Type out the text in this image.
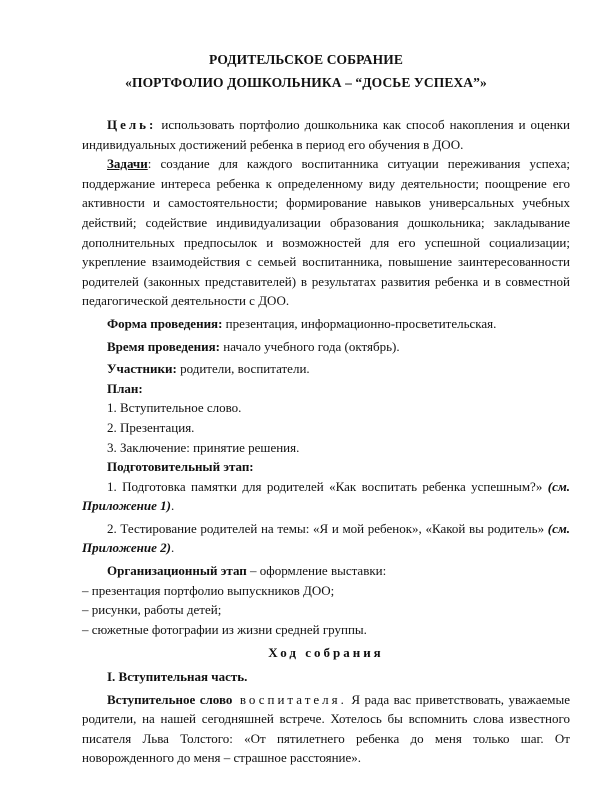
РОДИТЕЛЬСКОЕ СОБРАНИЕ
«ПОРТФОЛИО ДОШКОЛЬНИКА – “ДОСЬЕ УСПЕХА”»

Цель: использовать портфолио дошкольника как способ накопления и оценки индивидуальных достижений ребенка в период его обучения в ДОО.

Задачи: создание для каждого воспитанника ситуации переживания успеха; поддержание интереса ребенка к определенному виду деятельности; поощрение его активности и самостоятельности; формирование навыков универсальных учебных действий; содействие индивидуализации образования дошкольника; закладывание дополнительных предпосылок и возможностей для его успешной социализации; укрепление взаимодействия с семьей воспитанника, повышение заинтересованности родителей (законных представителей) в результатах развития ребенка и в совместной педагогической деятельности с ДОО.

Форма проведения: презентация, информационно-просветительская.

Время проведения: начало учебного года (октябрь).

Участники: родители, воспитатели.

План:

1. Вступительное слово.

2. Презентация.

3. Заключение: принятие решения.

Подготовительный этап:

1. Подготовка памятки для родителей «Как воспитать ребенка успешным?» (см. Приложение 1).

2. Тестирование родителей на темы: «Я и мой ребенок», «Какой вы родитель» (см. Приложение 2).

Организационный этап – оформление выставки:

– презентация портфолио выпускников ДОО;

– рисунки, работы детей;

– сюжетные фотографии из жизни средней группы.

Ход собрания

I. Вступительная часть.

Вступительное слово воспитателя. Я рада вас приветствовать, уважаемые родители, на нашей сегодняшней встрече. Хотелось бы вспомнить слова известного писателя Льва Толстого: «От пятилетнего ребенка до меня только шаг. От новорожденного до меня – страшное расстояние».
